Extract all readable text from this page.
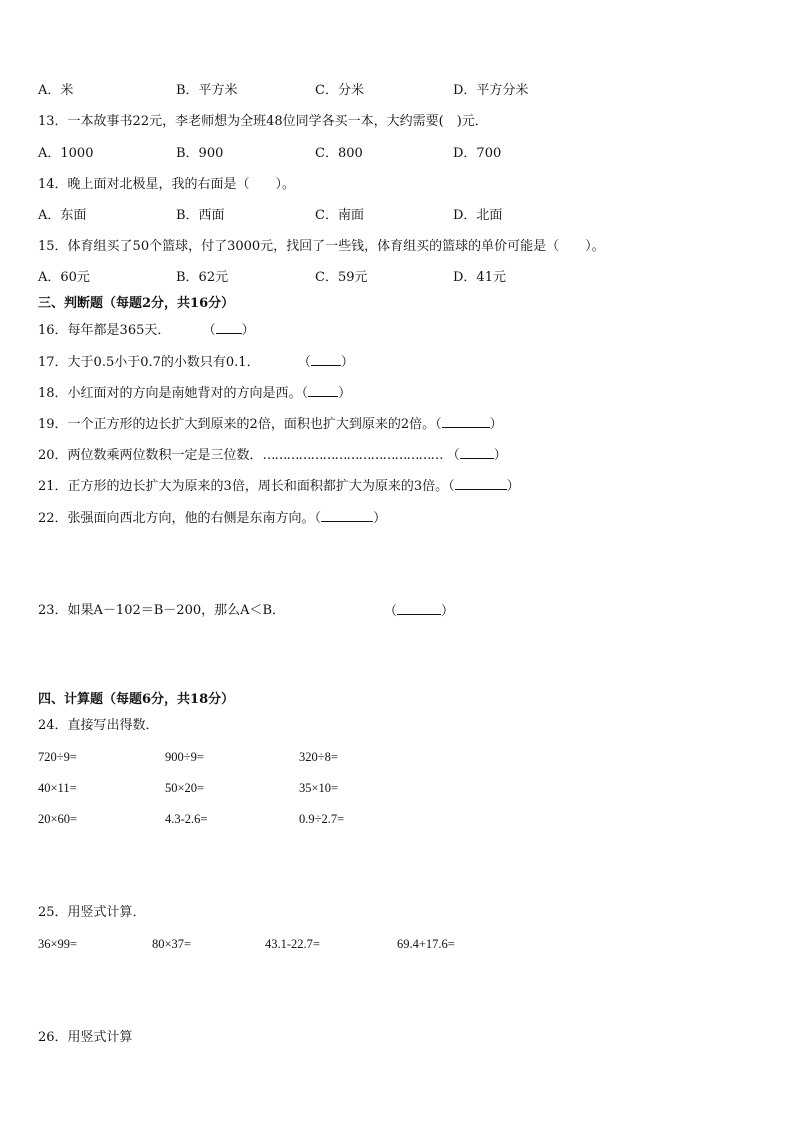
A．米	B．平方米	C．分米	D．平方分米
13．一本故事书22元，李老师想为全班48位同学各买一本，大约需要(　)元．
A．1000	B．900	C．800	D．700
14．晚上面对北极星，我的右面是（　　）。
A．东面	B．西面	C．南面	D．北面
15．体育组买了50个篮球，付了3000元，找回了一些钱，体育组买的篮球的单价可能是（　　）。
A．60元	B．62元	C．59元	D．41元
三、判断题（每题2分，共16分）
16．每年都是365天． （ ）
17．大于0.5小于0.7的小数只有0.1．	（ ）
18．小红面对的方向是南她背对的方向是西。（ ）
19．一个正方形的边长扩大到原来的2倍，面积也扩大到原来的2倍。（	）
20．两位数乘两位数积一定是三位数．……………………………………… （	）
21．正方形的边长扩大为原来的3倍，周长和面积都扩大为原来的3倍。（	）
22．张强面向西北方向，他的右侧是东南方向。（	）
23．如果A－102＝B－200，那么A＜B．	（	）
四、计算题（每题6分，共18分）
24．直接写出得数．
720÷9=	900÷9=	320÷8=
40×11=	50×20=	35×10=
20×60=	4.3-2.6=	0.9÷2.7=
25．用竖式计算．
36×99=	80×37=	43.1-22.7=	69.4+17.6=
26．用竖式计算
